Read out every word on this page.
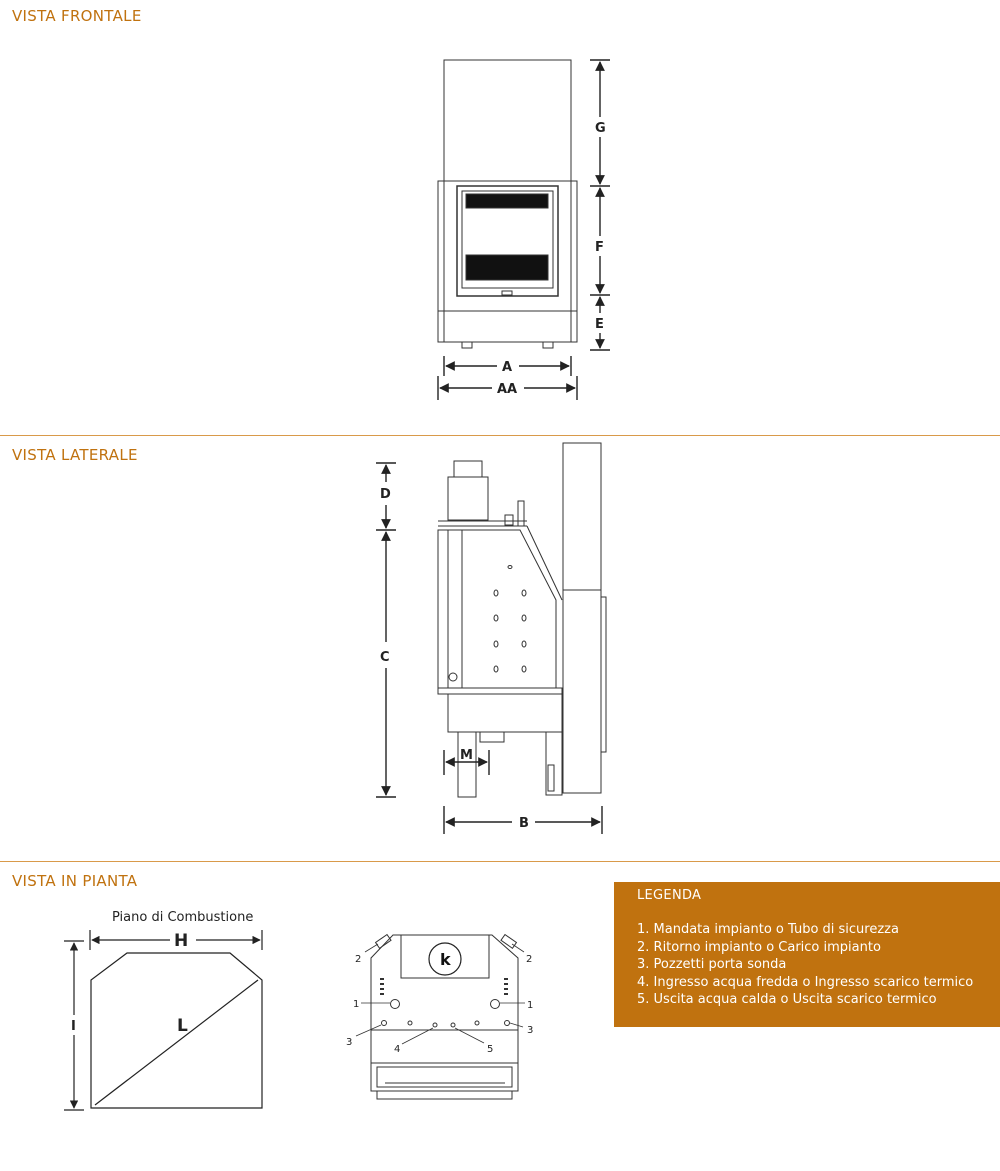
VISTA FRONTALE
VISTA LATERALE
VISTA IN PIANTA
G
F
E
A
AA
D
C
M
B
H
I	L
k
2	2
1	1
3
3
4	5
Piano di Combustione
LEGENDA
1. Mandata impianto o Tubo di sicurezza
2. Ritorno impianto o Carico impianto
3. Pozzetti porta sonda
4. Ingresso acqua fredda o Ingresso scarico termico
5. Uscita acqua calda o Uscita scarico termico
